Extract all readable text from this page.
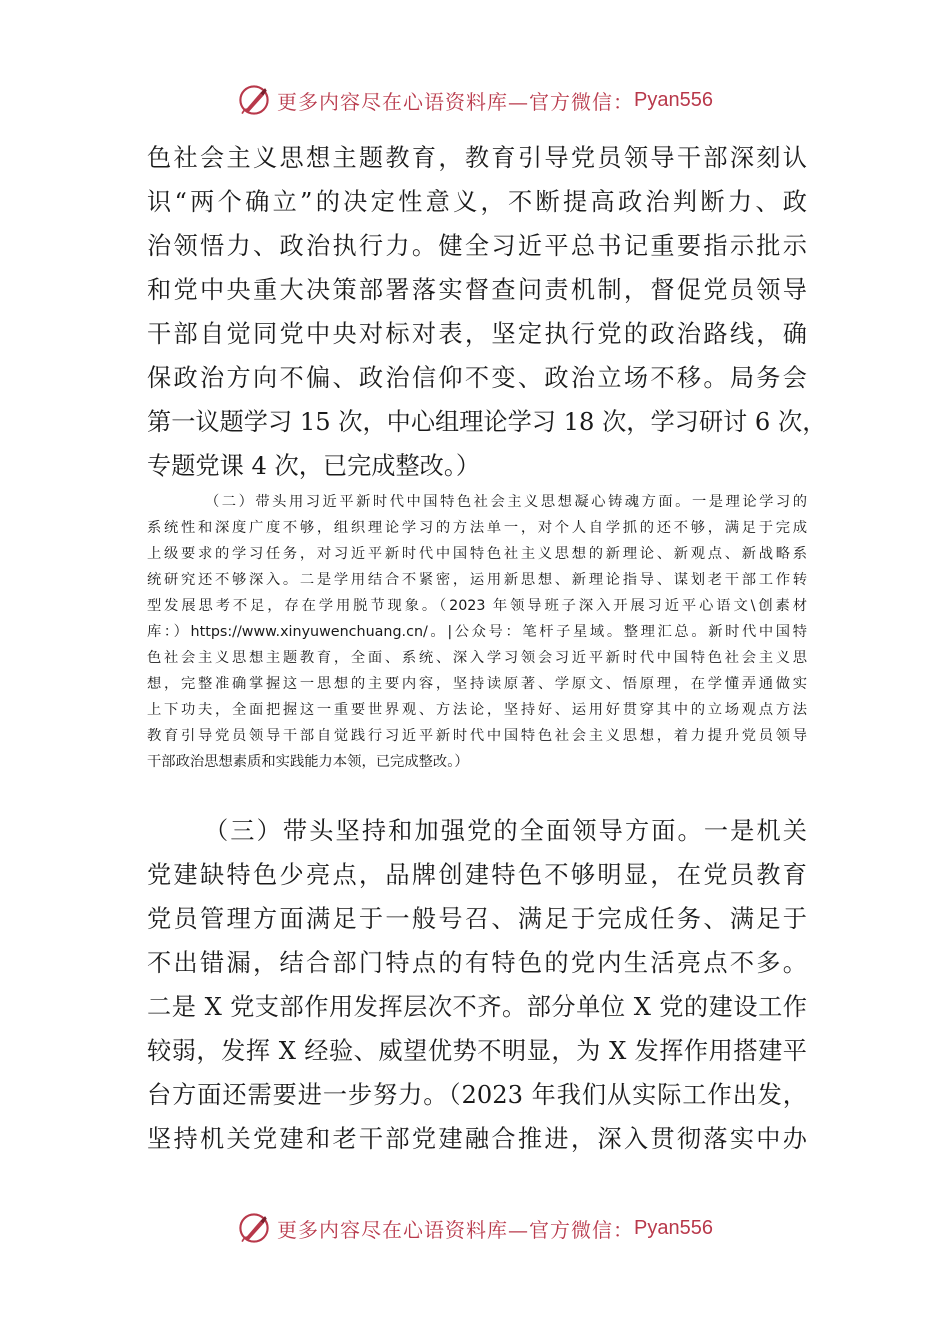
更多内容尽在心语资料库—官方微信： Pyan556
色社会主义思想主题教育，教育引导党员领导干部深刻认
识“两个确立”的决定性意义，不断提高政治判断力、政
治领悟力、政治执行力。健全习近平总书记重要指示批示
和党中央重大决策部署落实督查问责机制，督促党员领导
干部自觉同党中央对标对表，坚定执行党的政治路线，确
保政治方向不偏、政治信仰不变、政治立场不移。局务会
第一议题学习 15 次，中心组理论学习 18 次，学习研讨 6 次，
专题党课 4 次，已完成整改。）
（二）带头用习近平新时代中国特色社会主义思想凝心铸魂方面。一是理论学习的
系统性和深度广度不够，组织理论学习的方法单一，对个人自学抓的还不够，满足于完成
上级要求的学习任务，对习近平新时代中国特色社主义思想的新理论、新观点、新战略系
统研究还不够深入。二是学用结合不紧密，运用新思想、新理论指导、谋划老干部工作转
型发展思考不足，存在学用脱节现象。（2023 年领导班子深入开展习近平心语文\创素材
库：）https://www.xinyuwenchuang.cn/。|公众号：笔杆子星域。整理汇总。新时代中国特
色社会主义思想主题教育，全面、系统、深入学习领会习近平新时代中国特色社会主义思
想，完整准确掌握这一思想的主要内容，坚持读原著、学原文、悟原理，在学懂弄通做实
上下功夫，全面把握这一重要世界观、方法论，坚持好、运用好贯穿其中的立场观点方法
教育引导党员领导干部自觉践行习近平新时代中国特色社会主义思想，着力提升党员领导
干部政治思想素质和实践能力本领，已完成整改。）
（三）带头坚持和加强党的全面领导方面。一是机关
党建缺特色少亮点，品牌创建特色不够明显，在党员教育
党员管理方面满足于一般号召、满足于完成任务、满足于
不出错漏，结合部门特点的有特色的党内生活亮点不多。
二是 X 党支部作用发挥层次不齐。部分单位 X 党的建设工作
较弱，发挥 X 经验、威望优势不明显，为 X 发挥作用搭建平
台方面还需要进一步努力。（2023 年我们从实际工作出发，
坚持机关党建和老干部党建融合推进，深入贯彻落实中办
更多内容尽在心语资料库—官方微信： Pyan556
